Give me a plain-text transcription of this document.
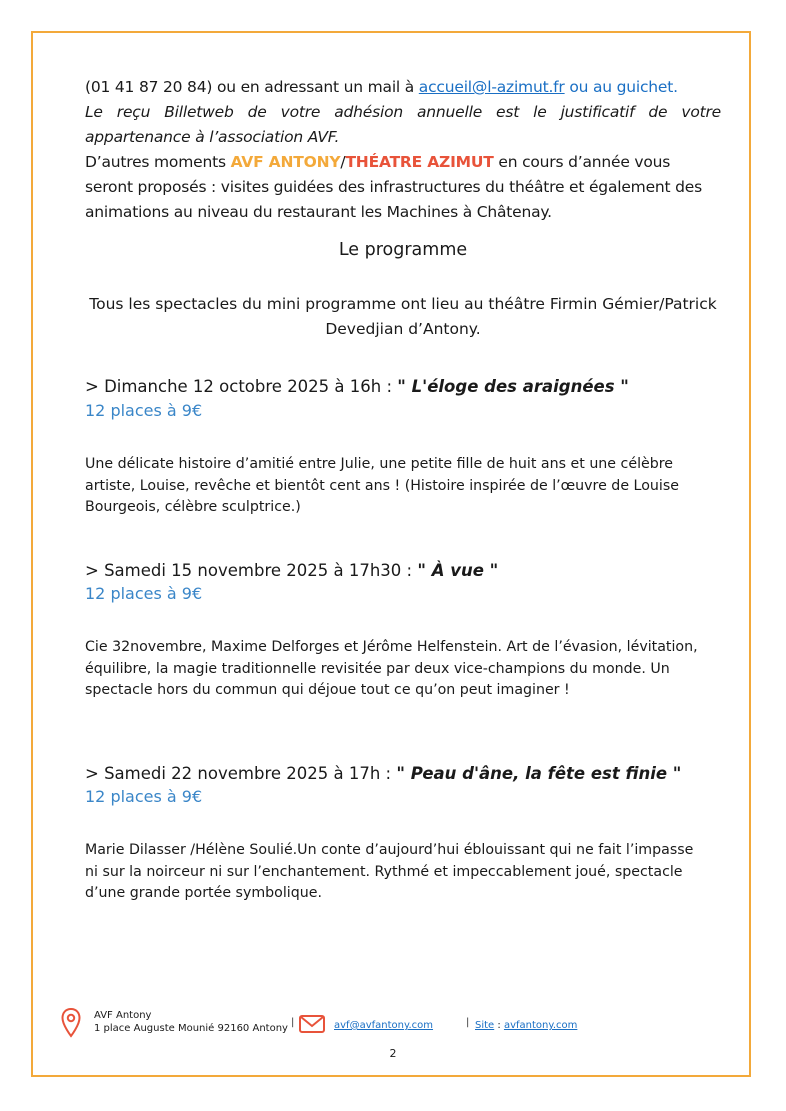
(01 41 87 20 84) ou en adressant un mail à accueil@l-azimut.fr ou au guichet.

Le reçu Billetweb de votre adhésion annuelle est le justificatif de votre appartenance à l’association AVF.

D’autres moments AVF ANTONY/THÉATRE AZIMUT en cours d’année vous seront proposés : visites guidées des infrastructures du théâtre et également des animations au niveau du restaurant les Machines à Châtenay.

Le programme
Tous les spectacles du mini programme ont lieu au théâtre Firmin Gémier/Patrick Devedjian d’Antony.
> Dimanche 12 octobre 2025 à 16h : " L'éloge des araignées "
12 places à 9€
Une délicate histoire d’amitié entre Julie, une petite fille de huit ans et une célèbre artiste, Louise, revêche et bientôt cent ans ! (Histoire inspirée de l’œuvre de Louise Bourgeois, célèbre sculptrice.)
> Samedi 15 novembre 2025 à 17h30 : " À vue "
12 places à 9€
Cie 32novembre, Maxime Delforges et Jérôme Helfenstein. Art de l’évasion, lévitation, équilibre, la magie traditionnelle revisitée par deux vice-champions du monde. Un spectacle hors du commun qui déjoue tout ce qu’on peut imaginer !
> Samedi 22 novembre 2025 à 17h : " Peau d'âne, la fête est finie "
12 places à 9€
Marie Dilasser /Hélène Soulié.Un conte d’aujourd’hui éblouissant qui ne fait l’impasse ni sur la noirceur ni sur l’enchantement. Rythmé et impeccablement joué, spectacle d’une grande portée symbolique.
AVF Antony
1 place Auguste Mounié 92160 Antony
|	avf@avfantony.com	| Site : avfantony.com
2
